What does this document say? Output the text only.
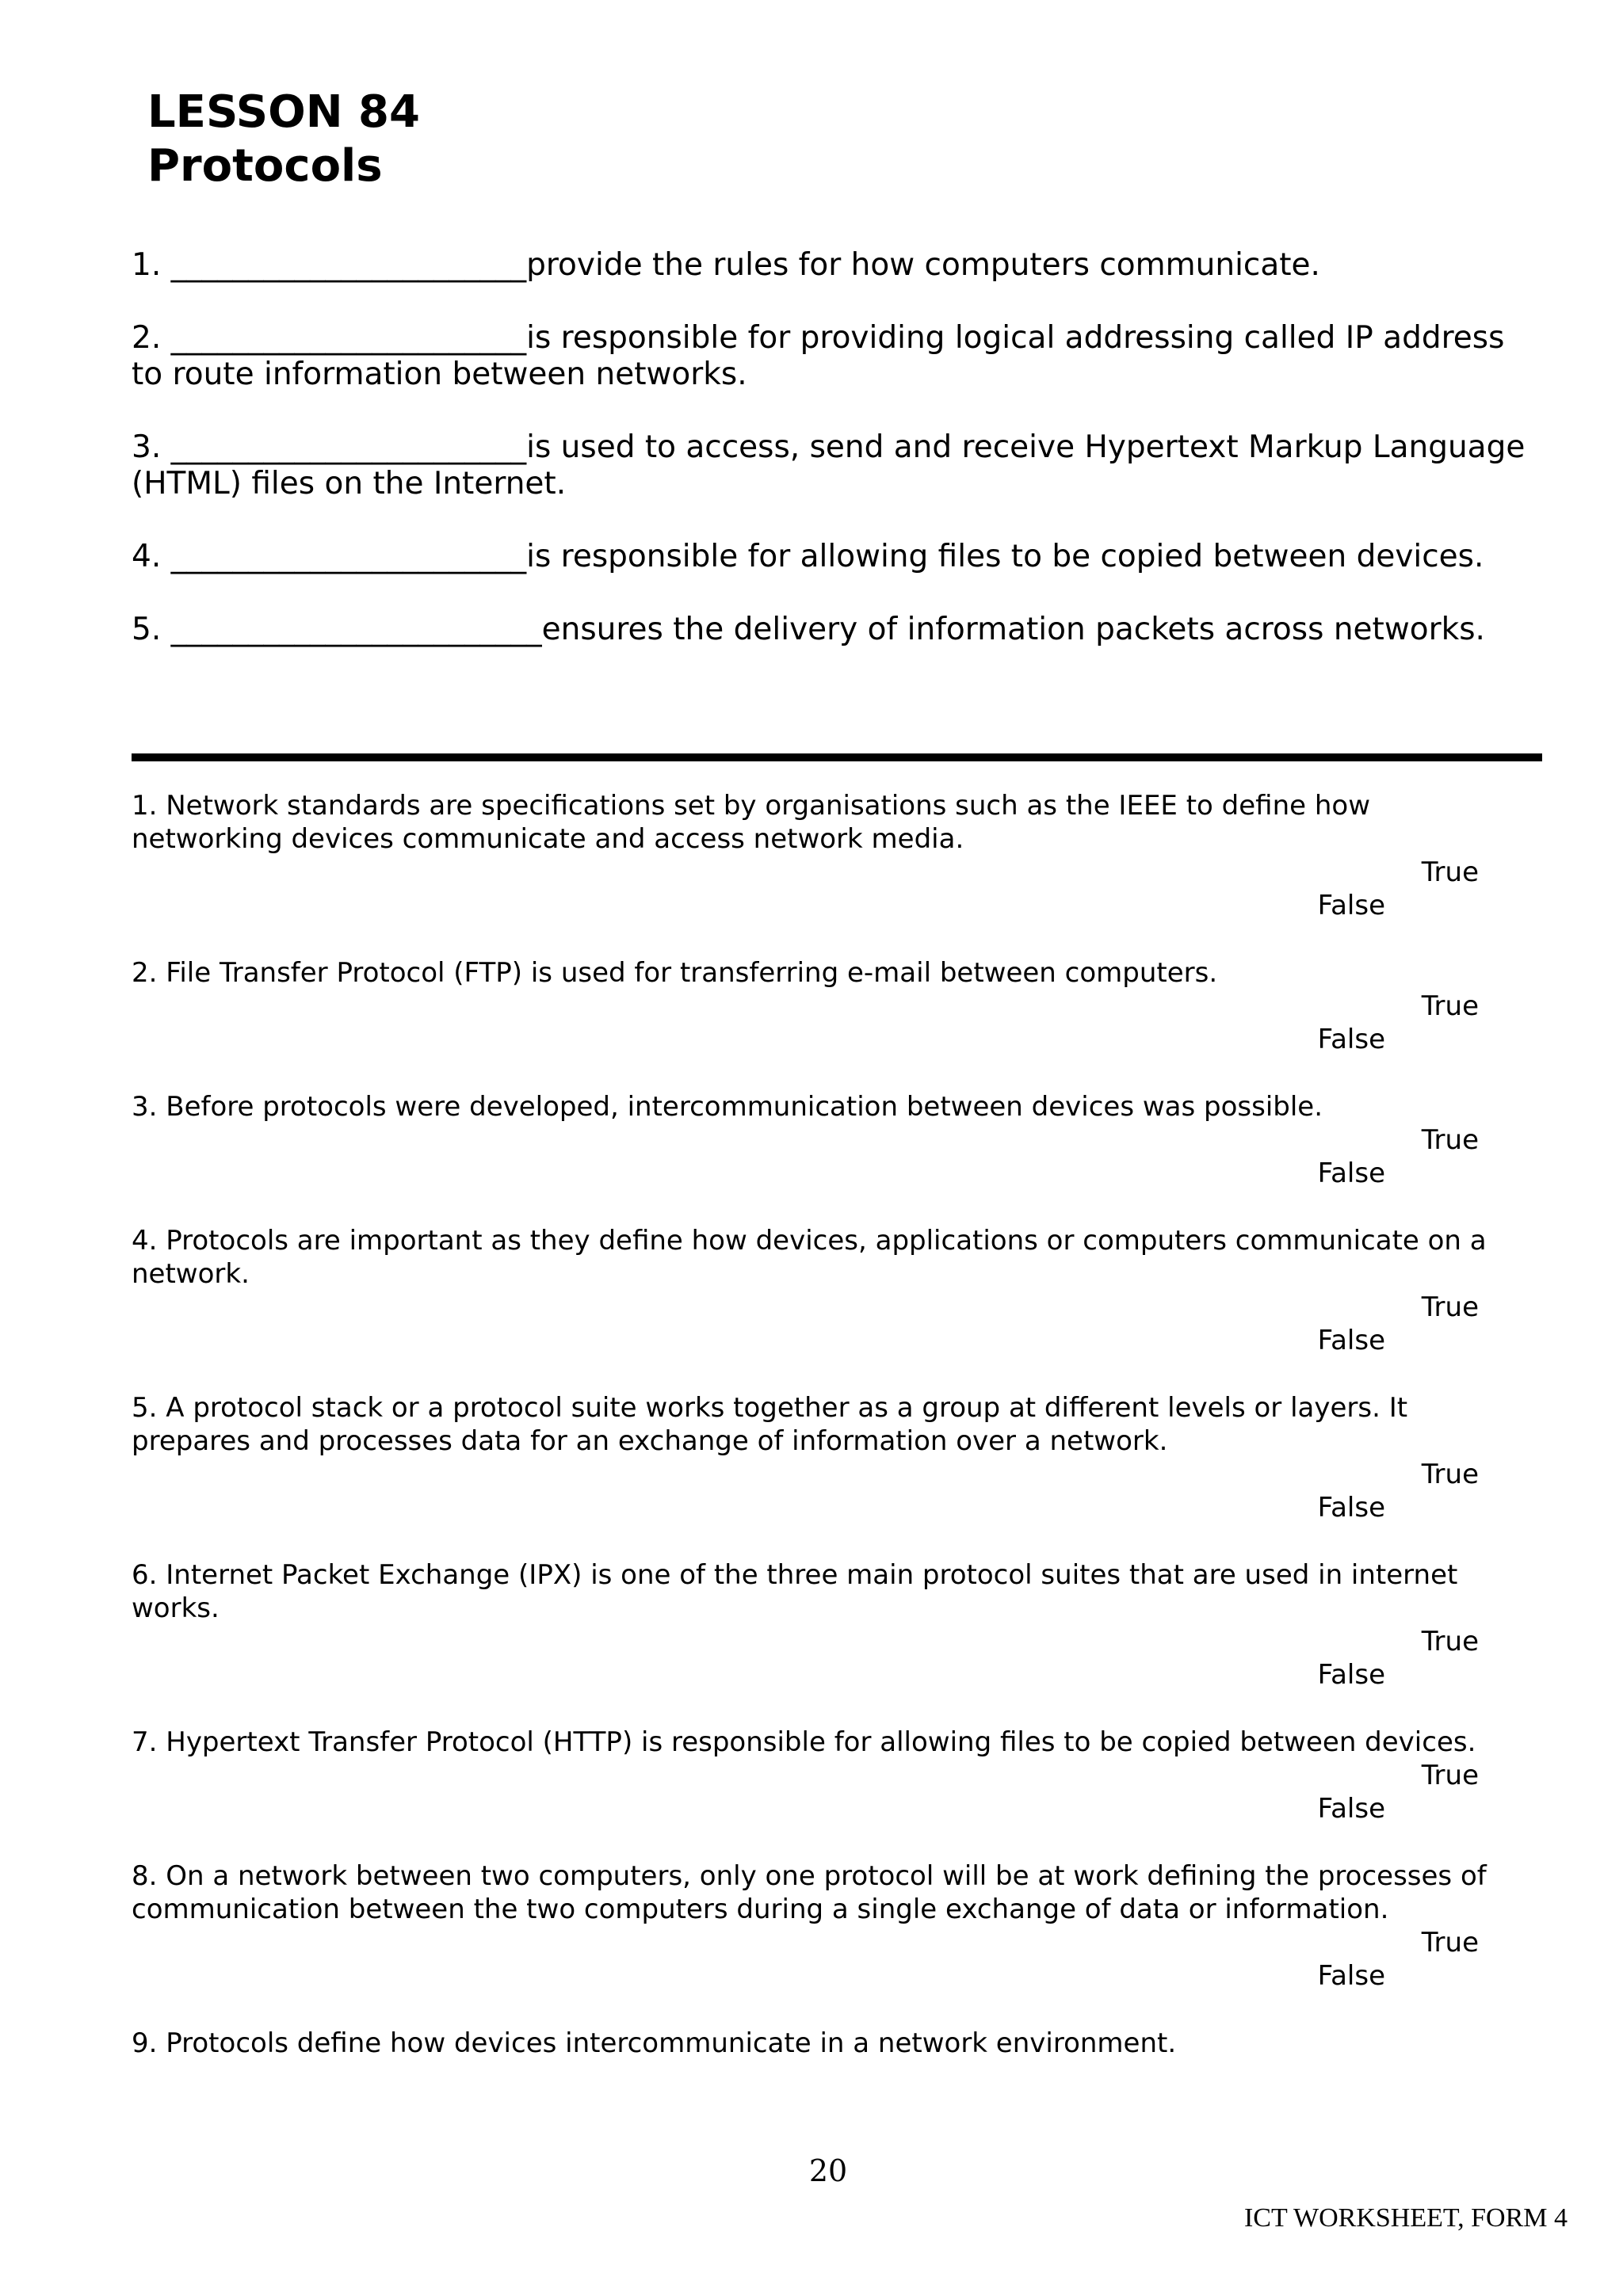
LESSON 84
Protocols

1. _______________________provide the rules for how computers communicate.

2. _______________________is responsible for providing logical addressing called IP address to route information between networks.

3. _______________________is used to access, send and receive Hypertext Markup Language (HTML) files on the Internet.

4. _______________________is responsible for allowing files to be copied between devices.

5. ________________________ensures the delivery of information packets across networks.

1. Network standards are specifications set by organisations such as the IEEE to define how networking devices communicate and access network media.
True
False
2. File Transfer Protocol (FTP) is used for transferring e-mail between computers.
True
False
3. Before protocols were developed, intercommunication between devices was possible.
True
False
4. Protocols are important as they define how devices, applications or computers communicate on a network.
True
False
5. A protocol stack or a protocol suite works together as a group at different levels or layers. It prepares and processes data for an exchange of information over a network.
True
False
6. Internet Packet Exchange (IPX) is one of the three main protocol suites that are used in internet works.
True
False
7. Hypertext Transfer Protocol (HTTP) is responsible for allowing files to be copied between devices.
True
False
8. On a network between two computers, only one protocol will be at work defining the processes of communication between the two computers during a single exchange of data or information.
True
False
9. Protocols define how devices intercommunicate in a network environment.
20
ICT WORKSHEET, FORM 4
